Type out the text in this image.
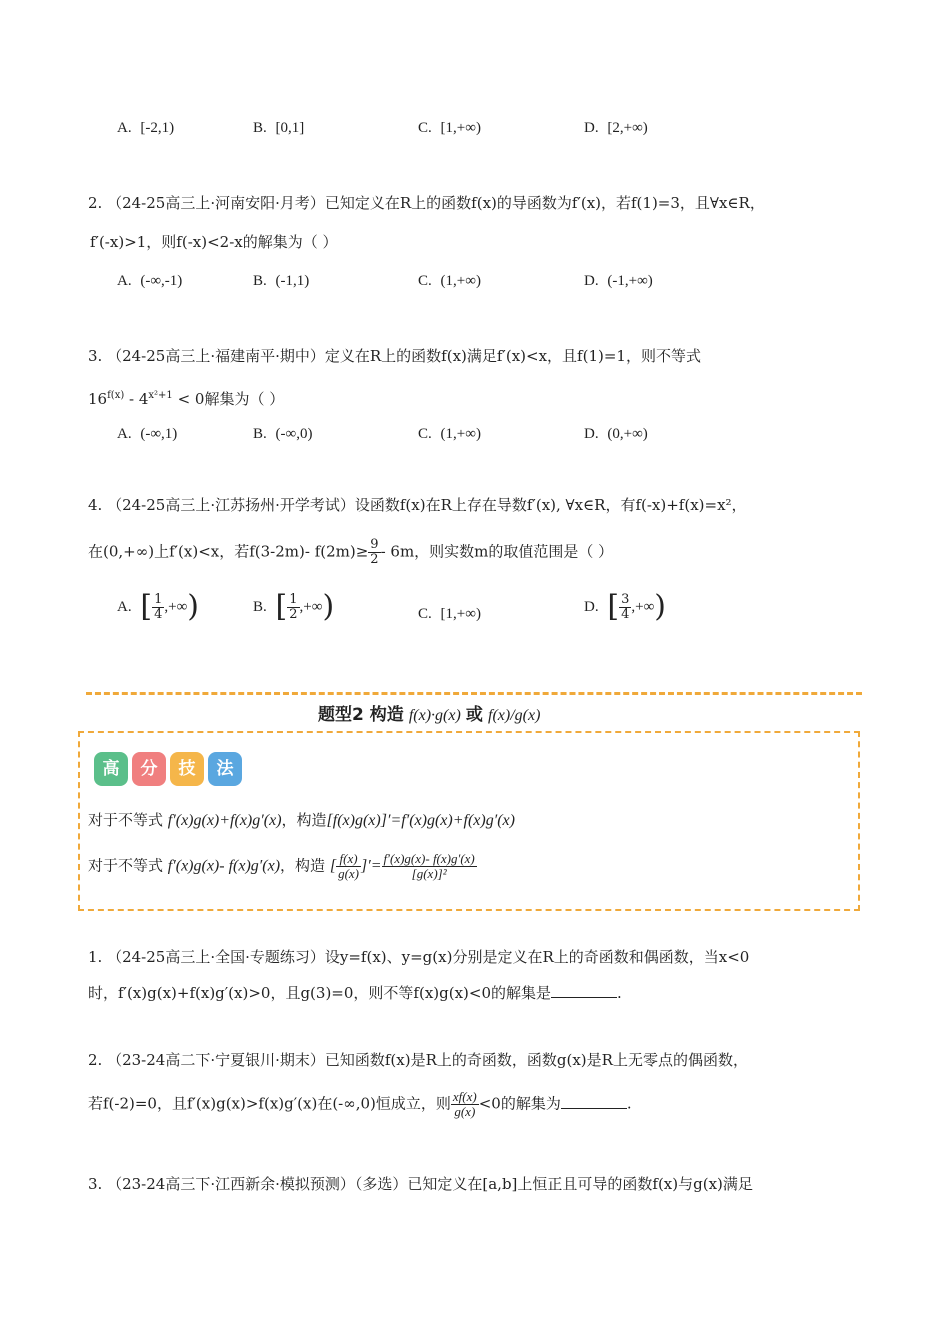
A. [-2,1)	B. [0,1]	C. [1,+∞)	D. [2,+∞)
2. （24-25高三上·河南安阳·月考）已知定义在R上的函数f(x)的导函数为f′(x)，若f(1)=3，且∀x∈R，
f′(-x)>1，则f(-x)<2-x的解集为（ ）
A. (-∞,-1)	B. (-1,1)	C. (1,+∞)	D. (-1,+∞)
3. （24-25高三上·福建南平·期中）定义在R上的函数f(x)满足f′(x)<x，且f(1)=1，则不等式
$16^{f(x)} - 4^{x^2+1} < 0$解集为（ ）
A. (-∞,1)	B. (-∞,0)	C. (1,+∞)	D. (0,+∞)
4. （24-25高三上·江苏扬州·开学考试）设函数f(x)在R上存在导数f′(x), ∀x∈R，有f(-x)+f(x)=x²，
在(0,+∞)上f′(x)<x，若f(3-2m)- $f(2m)\ge \frac{9}{2} - 6m$，则实数m的取值范围是（ ）
A. [ $\frac{1}{4}$ ,+∞)	B. [ $\frac{1}{2}$ ,+∞)	C. [1,+∞)	D. [ $\frac{3}{4}$ ,+∞)
题型2 构造 f(x)·g(x) 或 f(x)/g(x)
高 分 技 法
对于不等式 f′(x)g(x)+f(x)g′(x)，构造[f(x)g(x)]′=f′(x)g(x)+f(x)g′(x)
对于不等式 f′(x)g(x)- f(x)g′(x)，构造 [ $\frac{f(x)}{g(x)}$ ]′= $\frac{f'(x)g(x)- f(x)g'(x)}{\text{[g(x)]²}}$
1. （24-25高三上·全国·专题练习）设y=f(x)、y=g(x)分别是定义在R上的奇函数和偶函数，当x<0
时，f′(x)g(x)+f(x)g′(x)>0，且g(3)=0，则不等f(x)g(x)<0的解集是	.
2. （23-24高二下·宁夏银川·期末）已知函数f(x)是R上的奇函数，函数g(x)是R上无零点的偶函数，
若f(-2)=0，且f′(x)g(x)>f(x)g′(x)在(-∞,0)恒成立，则 $\frac{xf(x)}{g(x)} <0$的解集为	.
3. （23-24高三下·江西新余·模拟预测）（多选）已知定义在[a,b]上恒正且可导的函数f(x)与g(x)满足
